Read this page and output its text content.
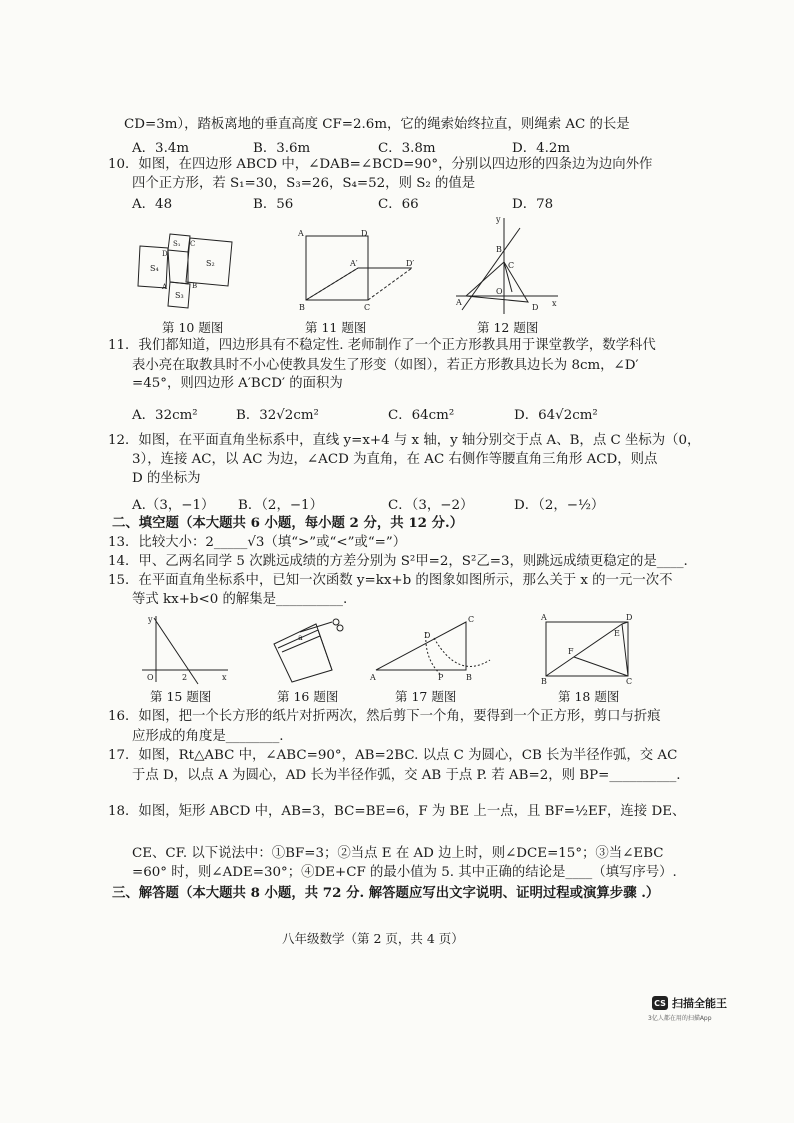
CD=3m），踏板离地的垂直高度 CF=2.6m，它的绳索始终拉直，则绳索 AC 的长是
A．3.4m	B．3.6m	C．3.8m	D．4.2m
10．如图，在四边形 ABCD 中，∠DAB=∠BCD=90°，分别以四边形的四条边为边向外作
四个正方形，若 S₁=30，S₃=26，S₄=52，则 S₂ 的值是
A．48	B．56	C．66	D．78
S₁
S₄
S₂
S₃
C
D
A	B
第 10 题图
A	D
A′	D′
B	C
第 11 题图
y
x
B
C
O
A
D
第 12 题图
11．我们都知道，四边形具有不稳定性. 老师制作了一个正方形教具用于课堂教学，数学科代
表小亮在取教具时不小心使教具发生了形变（如图），若正方形教具边长为 8cm，∠D′
=45°，则四边形 A′BCD′ 的面积为
A．32cm²	B．32√2cm²	C．64cm²	D．64√2cm²
12．如图，在平面直角坐标系中，直线 y=x+4 与 x 轴，y 轴分别交于点 A、B，点 C 坐标为（0，
3），连接 AC，以 AC 为边，∠ACD 为直角，在 AC 右侧作等腰直角三角形 ACD，则点
D 的坐标为
A.（3，−1） B．（2，−1）	C．（3，−2）	D．（2，−½）
二、填空题（本大题共 6 小题，每小题 2 分，共 12 分.）
13．比较大小：2_____√3（填“>”或“<”或“=”）
14．甲、乙两名同学 5 次跳远成绩的方差分别为 S²甲=2，S²乙=3，则跳远成绩更稳定的是____.
15．在平面直角坐标系中，已知一次函数 y=kx+b 的图象如图所示，那么关于 x 的一元一次不
等式 kx+b<0 的解集是__________.
y
x
O	2
第 15 题图
a
第 16 题图
C
D
A	P	B
第 17 题图
A	D
E
F
B	C
第 18 题图
16．如图，把一个长方形的纸片对折两次，然后剪下一个角，要得到一个正方形，剪口与折痕
应形成的角度是________.
17．如图，Rt△ABC 中，∠ABC=90°，AB=2BC. 以点 C 为圆心，CB 长为半径作弧，交 AC
于点 D，以点 A 为圆心，AD 长为半径作弧，交 AB 于点 P. 若 AB=2，则 BP=__________.
18．如图，矩形 ABCD 中，AB=3，BC=BE=6，F 为 BE 上一点，且 BF=½EF，连接 DE、
CE、CF. 以下说法中：①BF=3；②当点 E 在 AD 边上时，则∠DCE=15°；③当∠EBC
=60° 时，则∠ADE=30°；④DE+CF 的最小值为 5. 其中正确的结论是____（填写序号）.
三、解答题（本大题共 8 小题，共 72 分. 解答题应写出文字说明、证明过程或演算步骤 .）
八年级数学（第 2 页，共 4 页）
CS 扫描全能王
3亿人都在用的扫描App
